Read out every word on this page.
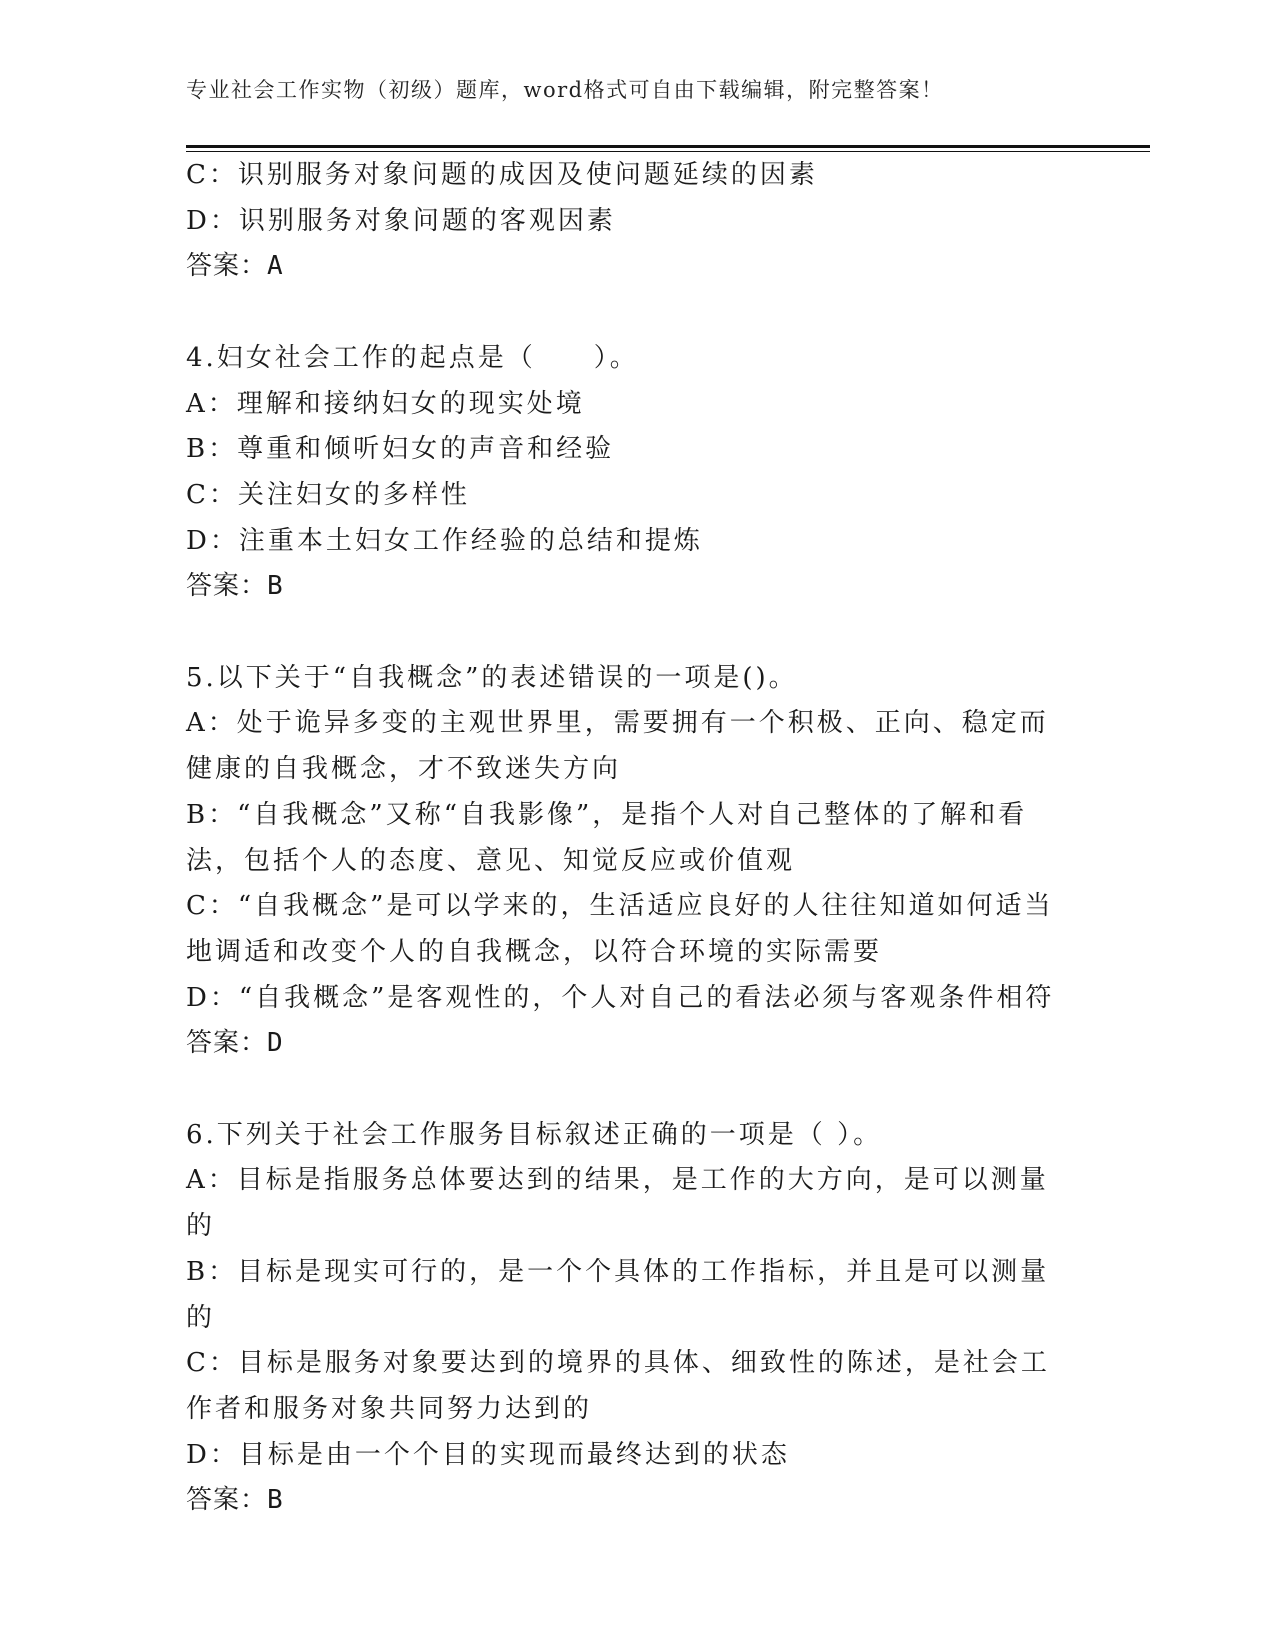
专业社会工作实物（初级）题库，word格式可自由下载编辑，附完整答案！
C：识别服务对象问题的成因及使问题延续的因素
D：识别服务对象问题的客观因素
答案：A
4.妇女社会工作的起点是（　　）。
A：理解和接纳妇女的现实处境
B：尊重和倾听妇女的声音和经验
C：关注妇女的多样性
D：注重本土妇女工作经验的总结和提炼
答案：B
5.以下关于“自我概念”的表述错误的一项是()。
A：处于诡异多变的主观世界里，需要拥有一个积极、正向、稳定而健康的自我概念，才不致迷失方向
B：“自我概念”又称“自我影像”，是指个人对自己整体的了解和看法，包括个人的态度、意见、知觉反应或价值观
C：“自我概念”是可以学来的，生活适应良好的人往往知道如何适当地调适和改变个人的自我概念，以符合环境的实际需要
D：“自我概念”是客观性的，个人对自己的看法必须与客观条件相符
答案：D
6.下列关于社会工作服务目标叙述正确的一项是（ ）。
A：目标是指服务总体要达到的结果，是工作的大方向，是可以测量的
B：目标是现实可行的，是一个个具体的工作指标，并且是可以测量的
C：目标是服务对象要达到的境界的具体、细致性的陈述，是社会工作者和服务对象共同努力达到的
D：目标是由一个个目的实现而最终达到的状态
答案：B
